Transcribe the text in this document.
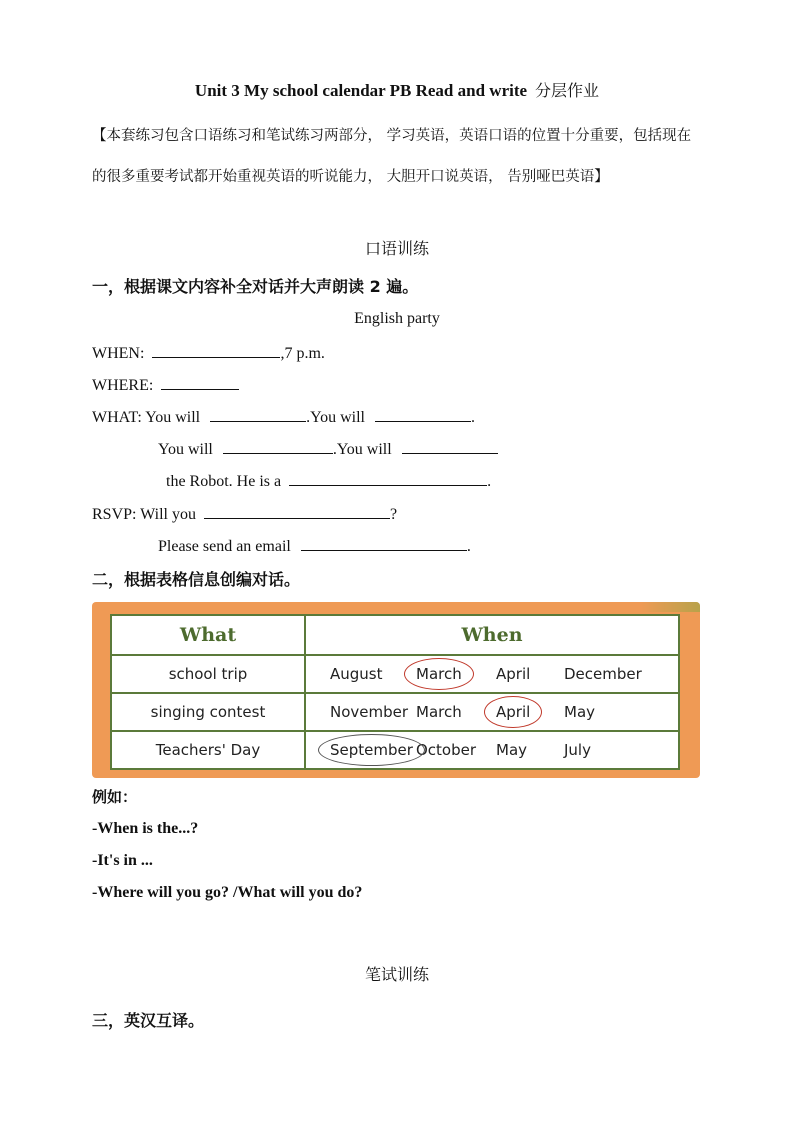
Unit 3 My school calendar PB Read and write 分层作业
【本套练习包含口语练习和笔试练习两部分， 学习英语，英语口语的位置十分重要，包括现在的很多重要考试都开始重视英语的听说能力， 大胆开口说英语， 告别哑巴英语】
口语训练
一，根据课文内容补全对话并大声朗读 2 遍。
English party
WHEN:	,7 p.m.
WHERE:
WHAT: You will	.You will	.
You will	.You will
the Robot. He is a	.
RSVP: Will you	?
Please send an email	.
二，根据表格信息创编对话。
What	When
school trip	August March April December
singing contest	November March April May
Teachers' Day	September October May July
例如：
-When is the...?
-It's in ...
-Where will you go? /What will you do?
笔试训练
三，英汉互译。
